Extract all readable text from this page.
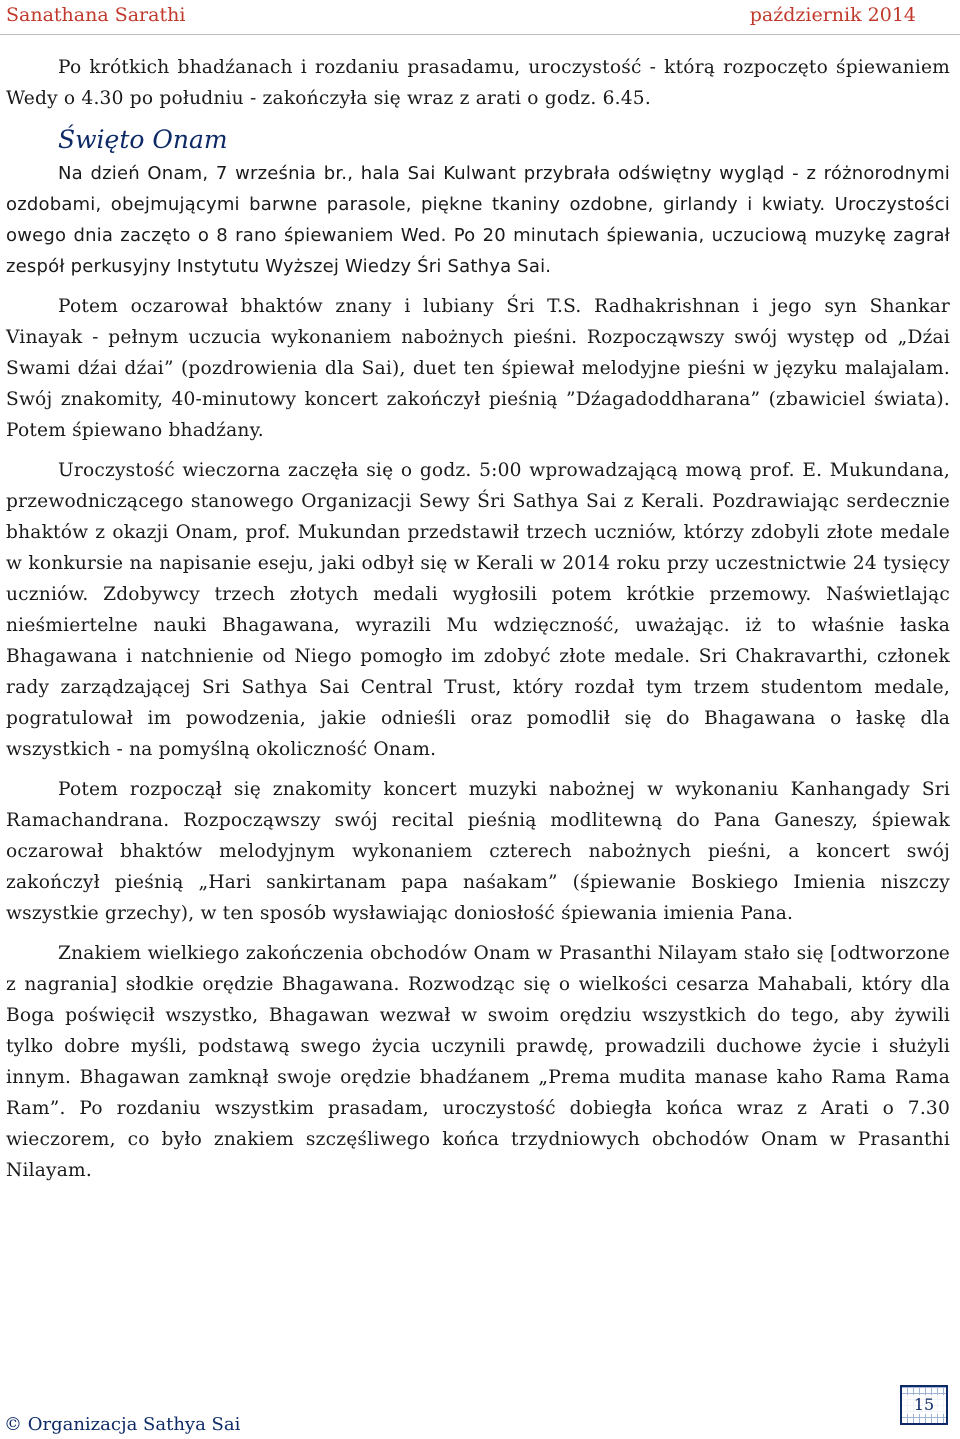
Sanathana Sarathi	październik 2014

Po krótkich bhadźanach i rozdaniu prasadamu, uroczystość - którą rozpoczęto śpiewaniem Wedy o 4.30 po południu - zakończyła się wraz z arati o godz. 6.45.

Święto Onam

Na dzień Onam, 7 września br., hala Sai Kulwant przybrała odświętny wygląd - z różnorodnymi ozdobami, obejmującymi barwne parasole, piękne tkaniny ozdobne, girlandy i kwiaty. Uroczystości owego dnia zaczęto o 8 rano śpiewaniem Wed. Po 20 minutach śpiewania, uczuciową muzykę zagrał zespół perkusyjny Instytutu Wyższej Wiedzy Śri Sathya Sai.

Potem oczarował bhaktów znany i lubiany Śri T.S. Radhakrishnan i jego syn Shankar Vinayak - pełnym uczucia wykonaniem nabożnych pieśni. Rozpocząwszy swój występ od „Dźai Swami dźai dźai” (pozdrowienia dla Sai), duet ten śpiewał melodyjne pieśni w języku malajalam. Swój znakomity, 40-minutowy koncert zakończył pieśnią ”Dźagadoddharana” (zbawiciel świata). Potem śpiewano bhadźany.

Uroczystość wieczorna zaczęła się o godz. 5:00 wprowadzającą mową prof. E. Mukundana, przewodniczącego stanowego Organizacji Sewy Śri Sathya Sai z Kerali. Pozdrawiając serdecznie bhaktów z okazji Onam, prof. Mukundan przedstawił trzech uczniów, którzy zdobyli złote medale w konkursie na napisanie eseju, jaki odbył się w Kerali w 2014 roku przy uczestnictwie 24 tysięcy uczniów. Zdobywcy trzech złotych medali wygłosili potem krótkie przemowy. Naświetlając nieśmiertelne nauki Bhagawana, wyrazili Mu wdzięczność, uważając. iż to właśnie łaska Bhagawana i natchnienie od Niego pomogło im zdobyć złote medale. Sri Chakravarthi, członek rady zarządzającej Sri Sathya Sai Central Trust, który rozdał tym trzem studentom medale, pogratulował im powodzenia, jakie odnieśli oraz pomodlił się do Bhagawana o łaskę dla wszystkich - na pomyślną okoliczność Onam.

Potem rozpoczął się znakomity koncert muzyki nabożnej w wykonaniu Kanhangady Sri Ramachandrana. Rozpocząwszy swój recital pieśnią modlitewną do Pana Ganeszy, śpiewak oczarował bhaktów melodyjnym wykonaniem czterech nabożnych pieśni, a koncert swój zakończył pieśnią „Hari sankirtanam papa naśakam” (śpiewanie Boskiego Imienia niszczy wszystkie grzechy), w ten sposób wysławiając doniosłość śpiewania imienia Pana.

Znakiem wielkiego zakończenia obchodów Onam w Prasanthi Nilayam stało się [odtworzone z nagrania] słodkie orędzie Bhagawana. Rozwodząc się o wielkości cesarza Mahabali, który dla Boga poświęcił wszystko, Bhagawan wezwał w swoim orędziu wszystkich do tego, aby żywili tylko dobre myśli, podstawą swego życia uczynili prawdę, prowadzili duchowe życie i służyli innym. Bhagawan zamknął swoje orędzie bhadźanem „Prema mudita manase kaho Rama Rama Ram”. Po rozdaniu wszystkim prasadam, uroczystość dobiegła końca wraz z Arati o 7.30 wieczorem, co było znakiem szczęśliwego końca trzydniowych obchodów Onam w Prasanthi Nilayam.

© Organizacja Sathya Sai
15
